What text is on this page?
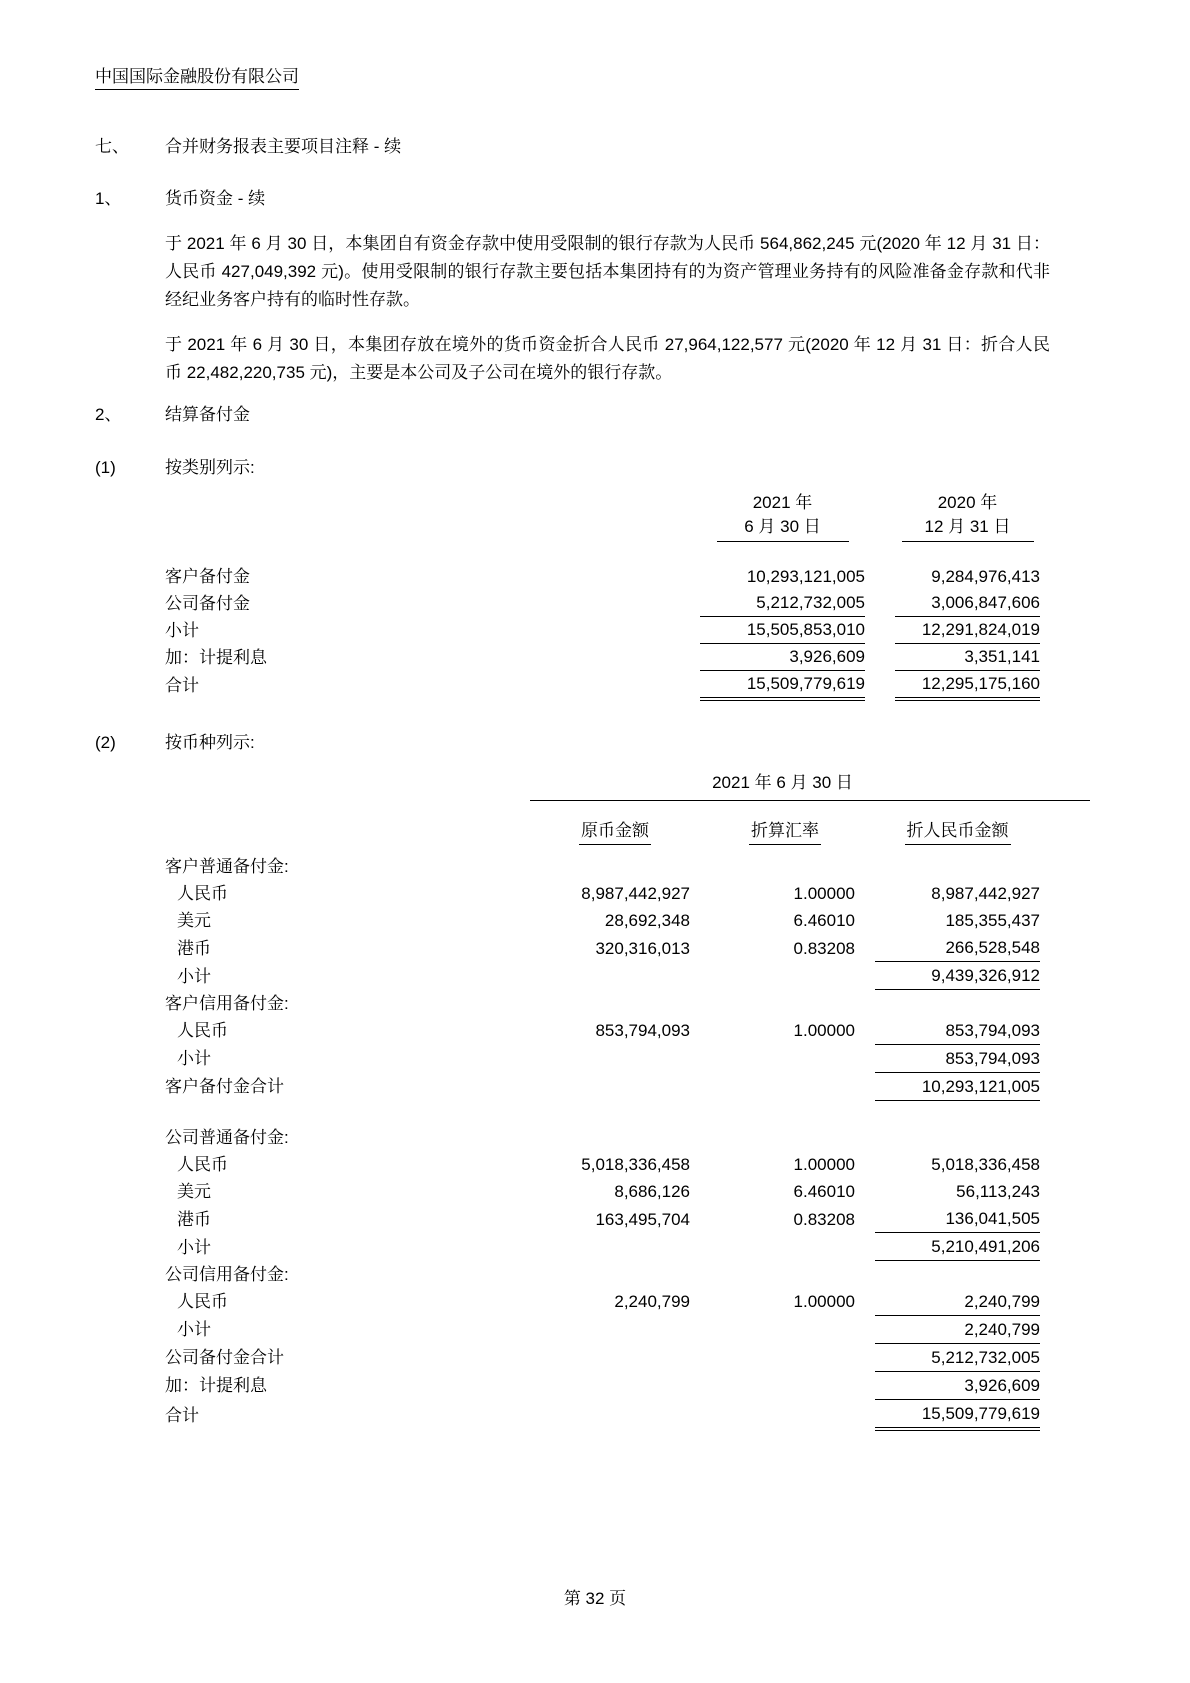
中国国际金融股份有限公司
七、 合并财务报表主要项目注释 - 续
1、	货币资金 - 续

于 2021 年 6 月 30 日，本集团自有资金存款中使用受限制的银行存款为人民币 564,862,245 元(2020 年 12 月 31 日：人民币 427,049,392 元)。使用受限制的银行存款主要包括本集团持有的为资产管理业务持有的风险准备金存款和代非经纪业务客户持有的临时性存款。

于 2021 年 6 月 30 日，本集团存放在境外的货币资金折合人民币 27,964,122,577 元(2020 年 12 月 31 日：折合人民币 22,482,220,735 元)，主要是本公司及子公司在境外的银行存款。

2、	结算备付金
(1)	按类别列示:

2021 年
6 月 30 日

2020 年
12 月 31 日

客户备付金	10,293,121,005		9,284,976,413
公司备付金	5,212,732,005		3,006,847,606
小计	15,505,853,010		12,291,824,019
加：计提利息	3,926,609		3,351,141
合计	15,509,779,619		12,295,175,160
(2)	按币种列示:
2021 年 6 月 30 日
	原币金额		折算汇率		折人民币金额

客户普通备付金:					
人民币	8,987,442,927		1.00000		8,987,442,927
美元	28,692,348		6.46010		185,355,437
港币	320,316,013		0.83208		266,528,548
小计					9,439,326,912
客户信用备付金:					
人民币	853,794,093		1.00000		853,794,093
小计					853,794,093
客户备付金合计					10,293,121,005

公司普通备付金:					
人民币	5,018,336,458		1.00000		5,018,336,458
美元	8,686,126		6.46010		56,113,243
港币	163,495,704		0.83208		136,041,505
小计					5,210,491,206
公司信用备付金:					
人民币	2,240,799		1.00000		2,240,799
小计					2,240,799
公司备付金合计					5,212,732,005
加：计提利息					3,926,609
合计					15,509,779,619
第 32 页
